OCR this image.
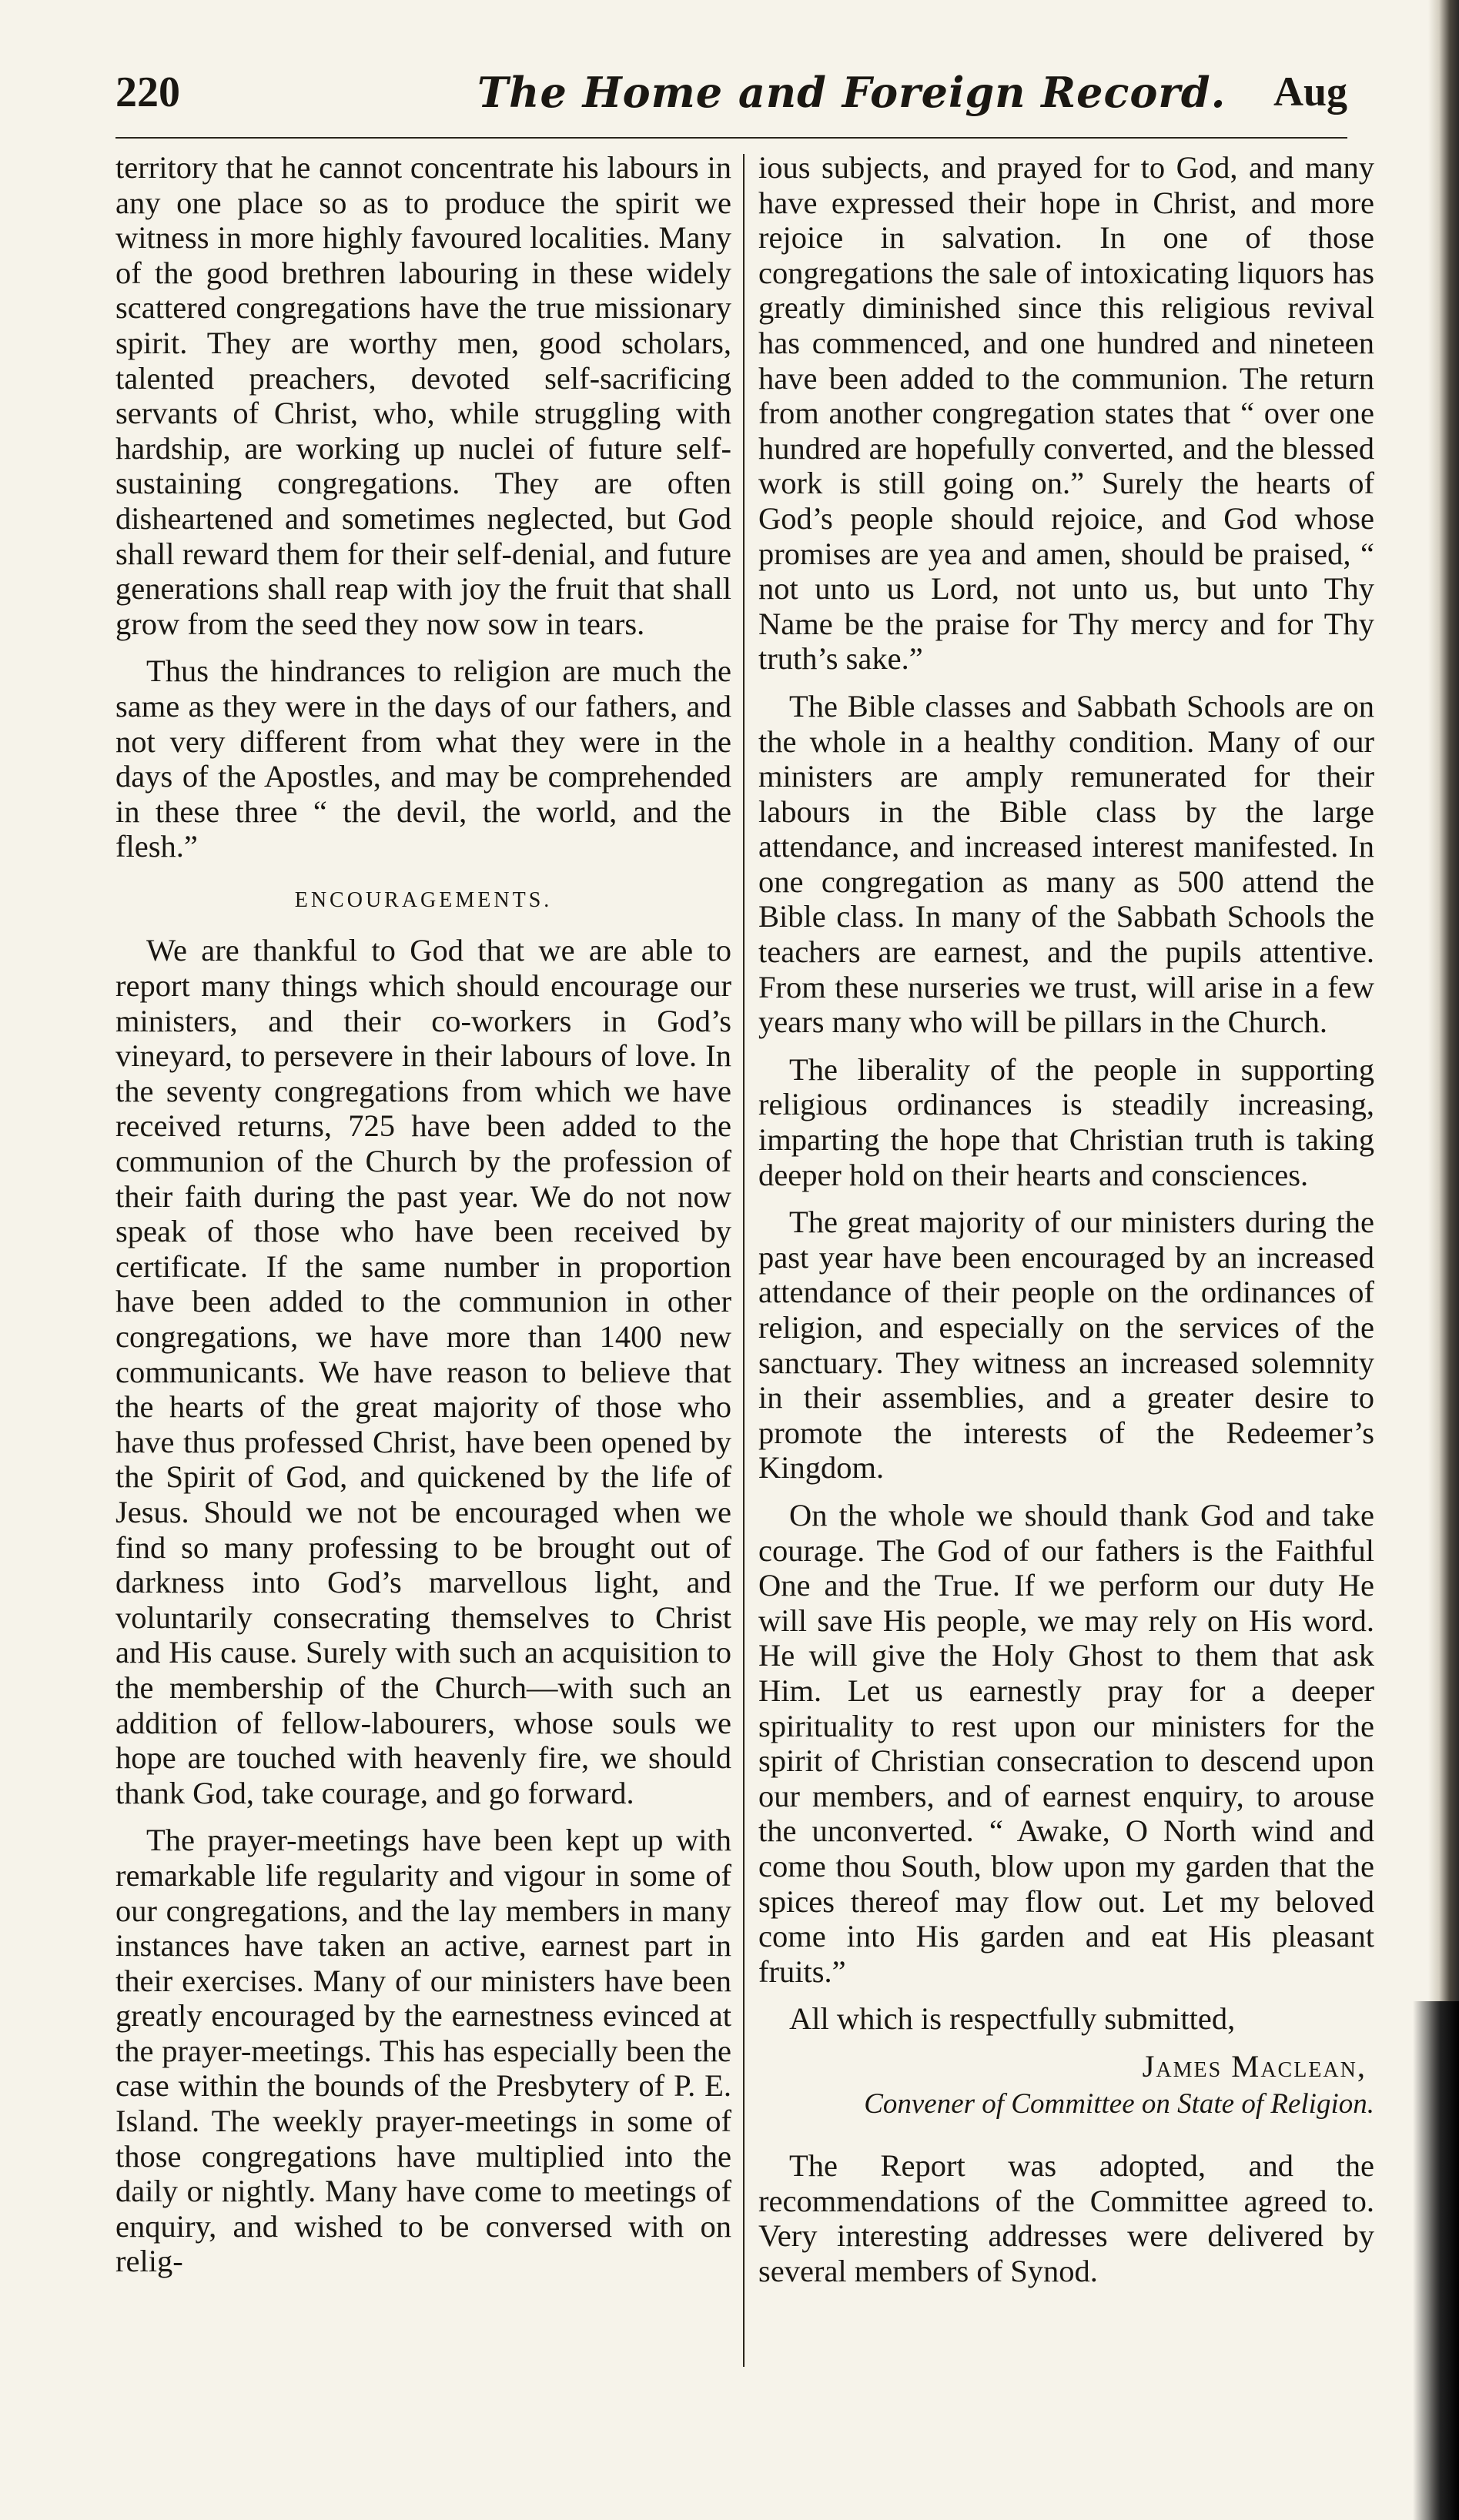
220	The Home and Foreign Record. Aug

territory that he cannot concentrate his labours in any one place so as to produce the spirit we witness in more highly favoured localities. Many of the good brethren labouring in these widely scattered congregations have the true missionary spirit. They are worthy men, good scholars, talented preachers, devoted self-sacrificing servants of Christ, who, while struggling with hardship, are working up nuclei of future self-sustaining congregations. They are often disheartened and sometimes neglected, but God shall reward them for their self-denial, and future generations shall reap with joy the fruit that shall grow from the seed they now sow in tears.

Thus the hindrances to religion are much the same as they were in the days of our fathers, and not very different from what they were in the days of the Apostles, and may be comprehended in these three “ the devil, the world, and the flesh.”

ENCOURAGEMENTS.

We are thankful to God that we are able to report many things which should encourage our ministers, and their co-workers in God’s vineyard, to persevere in their labours of love. In the seventy congregations from which we have received returns, 725 have been added to the communion of the Church by the profession of their faith during the past year. We do not now speak of those who have been received by certificate. If the same number in proportion have been added to the communion in other congregations, we have more than 1400 new communicants. We have reason to believe that the hearts of the great majority of those who have thus professed Christ, have been opened by the Spirit of God, and quickened by the life of Jesus. Should we not be encouraged when we find so many professing to be brought out of darkness into God’s marvellous light, and voluntarily consecrating themselves to Christ and His cause. Surely with such an acquisition to the membership of the Church—with such an addition of fellow-labourers, whose souls we hope are touched with heavenly fire, we should thank God, take courage, and go forward.

The prayer-meetings have been kept up with remarkable life regularity and vigour in some of our congregations, and the lay members in many instances have taken an active, earnest part in their exercises. Many of our ministers have been greatly encouraged by the earnestness evinced at the prayer-meetings. This has especially been the case within the bounds of the Presbytery of P. E. Island. The weekly prayer-meetings in some of those congregations have multiplied into the daily or nightly. Many have come to meetings of enquiry, and wished to be conversed with on relig-

ious subjects, and prayed for to God, and many have expressed their hope in Christ, and more rejoice in salvation. In one of those congregations the sale of intoxicating liquors has greatly diminished since this religious revival has commenced, and one hundred and nineteen have been added to the communion. The return from another congregation states that “ over one hundred are hopefully converted, and the blessed work is still going on.” Surely the hearts of God’s people should rejoice, and God whose promises are yea and amen, should be praised, “ not unto us Lord, not unto us, but unto Thy Name be the praise for Thy mercy and for Thy truth’s sake.”

The Bible classes and Sabbath Schools are on the whole in a healthy condition. Many of our ministers are amply remunerated for their labours in the Bible class by the large attendance, and increased interest manifested. In one congregation as many as 500 attend the Bible class. In many of the Sabbath Schools the teachers are earnest, and the pupils attentive. From these nurseries we trust, will arise in a few years many who will be pillars in the Church.

The liberality of the people in supporting religious ordinances is steadily increasing, imparting the hope that Christian truth is taking deeper hold on their hearts and consciences.

The great majority of our ministers during the past year have been encouraged by an increased attendance of their people on the ordinances of religion, and especially on the services of the sanctuary. They witness an increased solemnity in their assemblies, and a greater desire to promote the interests of the Redeemer’s Kingdom.

On the whole we should thank God and take courage. The God of our fathers is the Faithful One and the True. If we perform our duty He will save His people, we may rely on His word. He will give the Holy Ghost to them that ask Him. Let us earnestly pray for a deeper spirituality to rest upon our ministers for the spirit of Christian consecration to descend upon our members, and of earnest enquiry, to arouse the unconverted. “ Awake, O North wind and come thou South, blow upon my garden that the spices thereof may flow out. Let my beloved come into His garden and eat His pleasant fruits.”

All which is respectfully submitted,

James Maclean,
Convener of Committee on State of Religion.

The Report was adopted, and the recommendations of the Committee agreed to. Very interesting addresses were delivered by several members of Synod.
